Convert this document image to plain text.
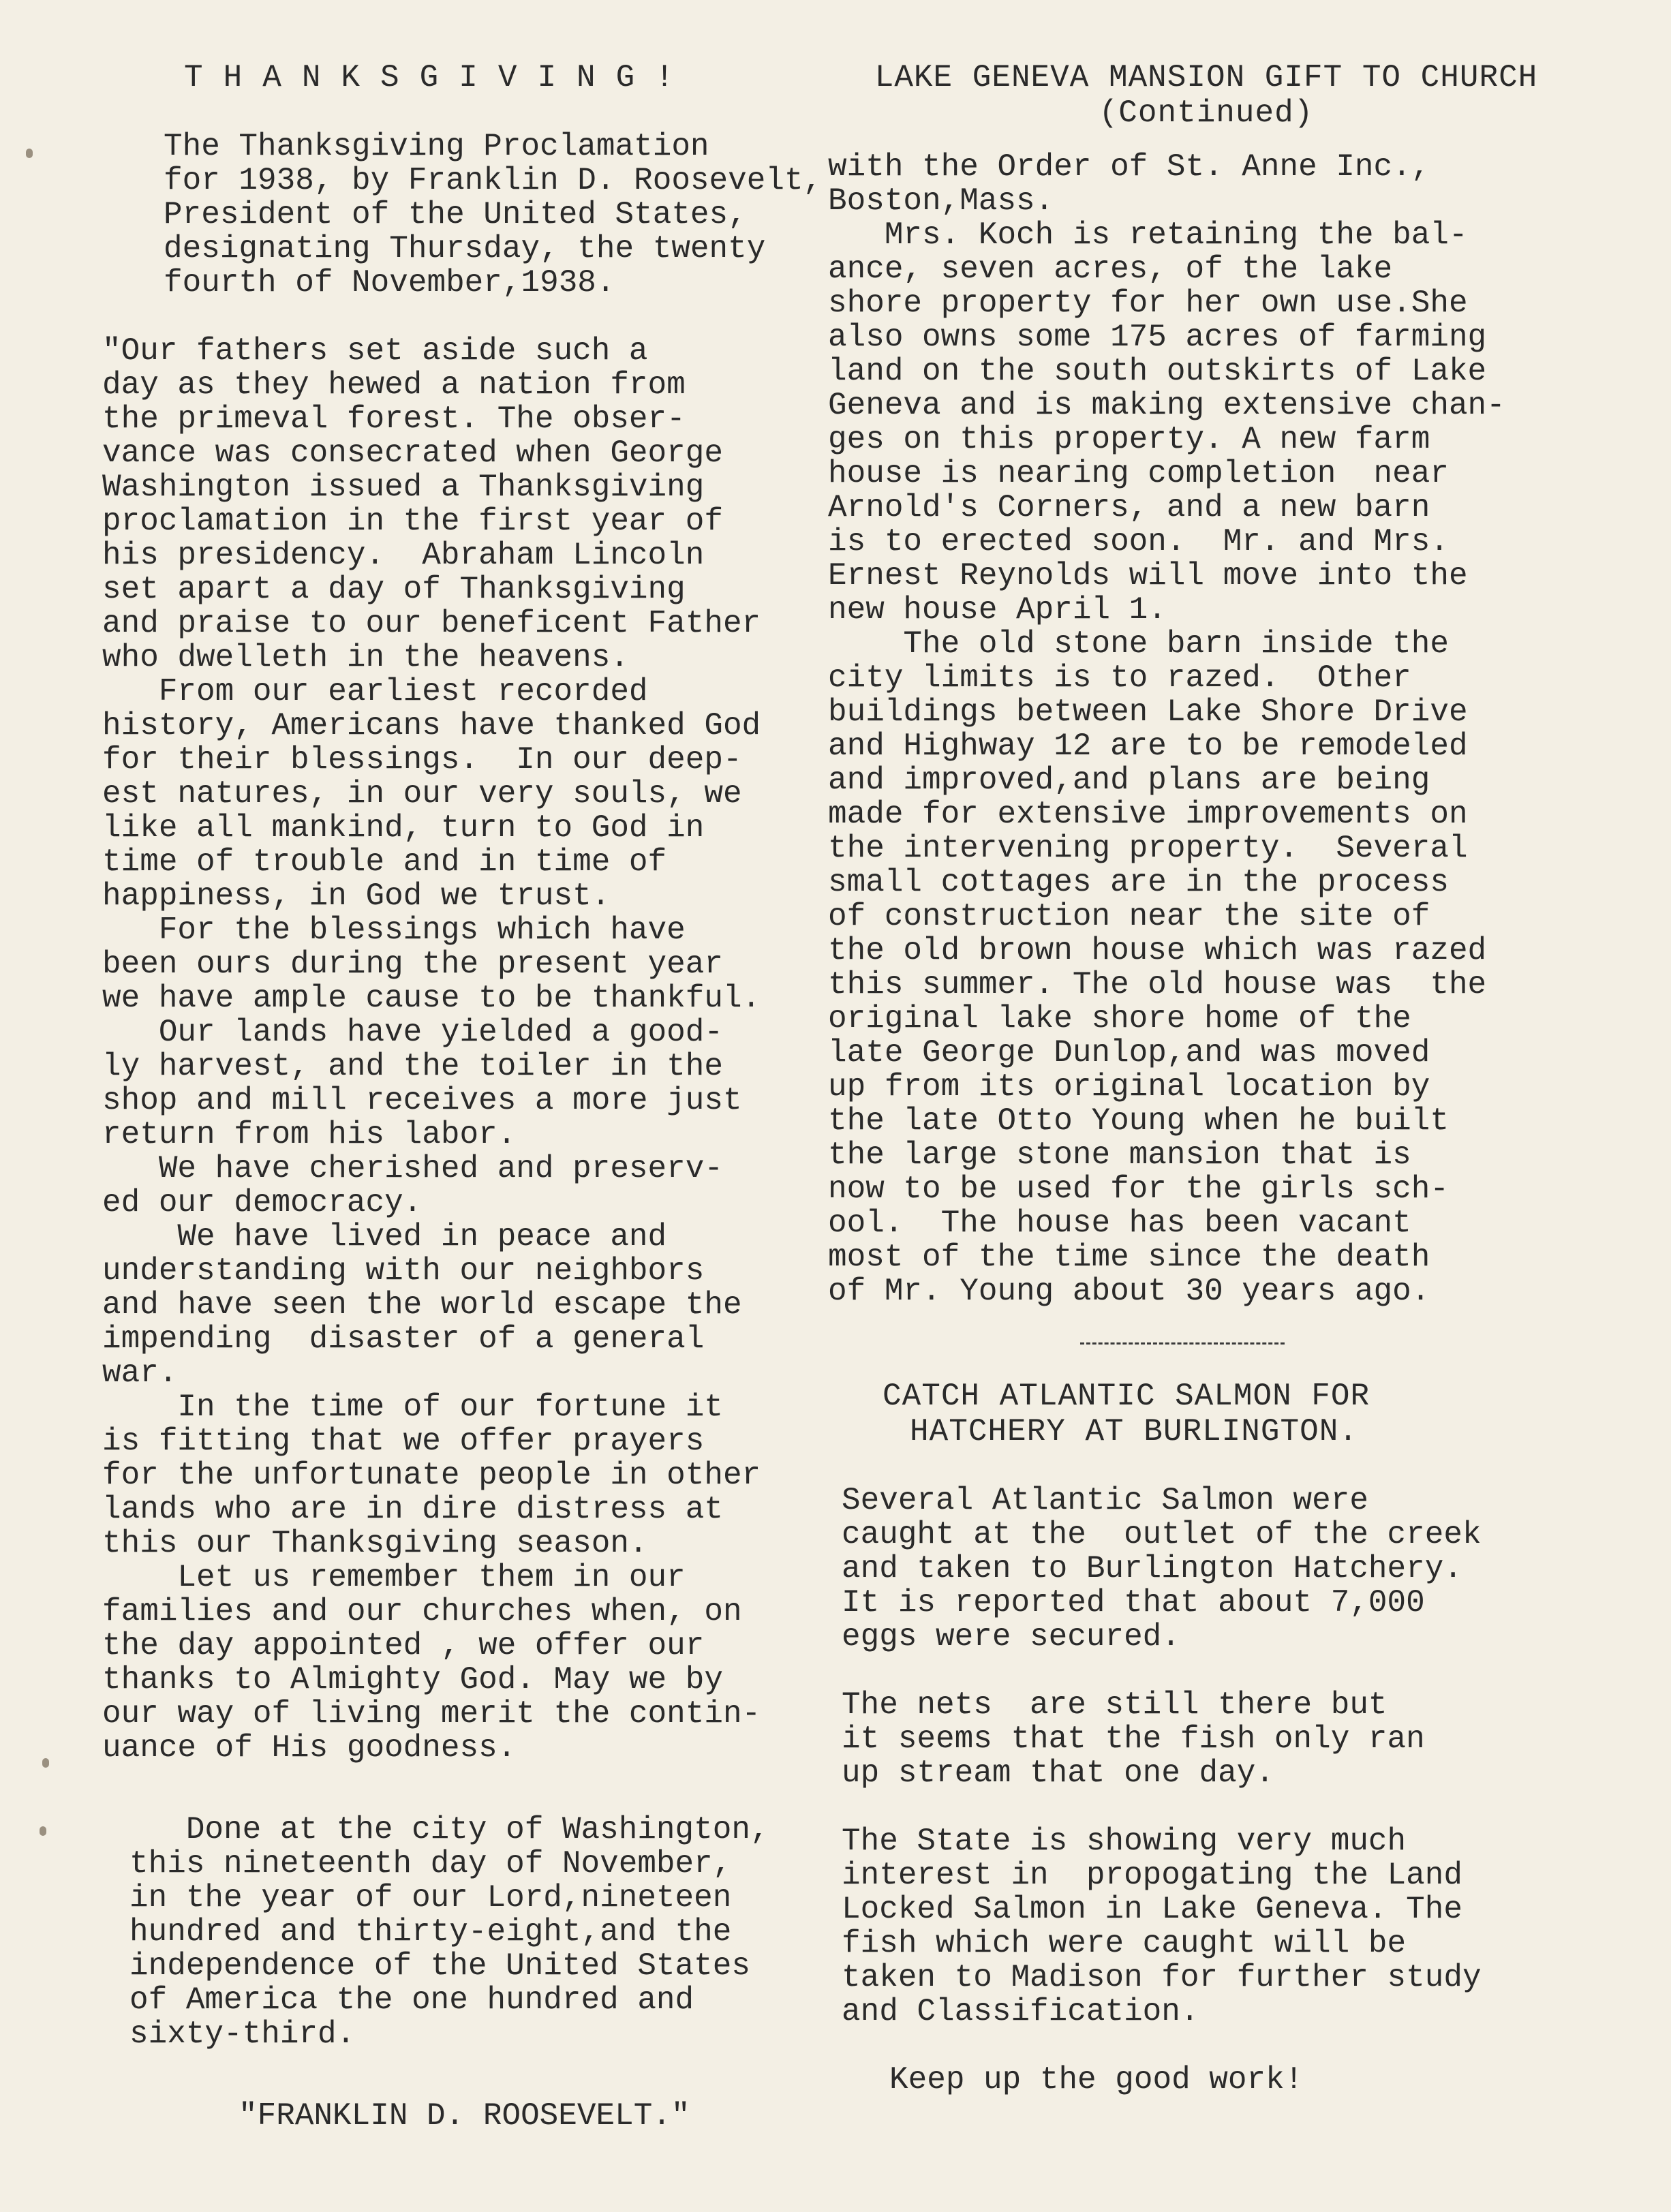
THANKSGIVING!

The Thanksgiving Proclamation

for 1938, by Franklin D. Roosevelt,

President of the United States,

designating Thursday, the twenty

fourth of November,1938.

"Our fathers set aside such a

day as they hewed a nation from

the primeval forest. The obser-

vance was consecrated when George

Washington issued a Thanksgiving

proclamation in the first year of

his presidency.  Abraham Lincoln

set apart a day of Thanksgiving

and praise to our beneficent Father

who dwelleth in the heavens.

From our earliest recorded

history, Americans have thanked God

for their blessings.  In our deep-

est natures, in our very souls, we

like all mankind, turn to God in

time of trouble and in time of

happiness, in God we trust.

For the blessings which have

been ours during the present year

we have ample cause to be thankful.

Our lands have yielded a good-

ly harvest, and the toiler in the

shop and mill receives a more just

return from his labor.

We have cherished and preserv-

ed our democracy.

We have lived in peace and

understanding with our neighbors

and have seen the world escape the

impending  disaster of a general

war.

In the time of our fortune it

is fitting that we offer prayers

for the unfortunate people in other

lands who are in dire distress at

this our Thanksgiving season.

Let us remember them in our

families and our churches when, on

the day appointed , we offer our

thanks to Almighty God. May we by

our way of living merit the contin-

uance of His goodness.

Done at the city of Washington,

this nineteenth day of November,

in the year of our Lord,nineteen

hundred and thirty-eight,and the

independence of the United States

of America the one hundred and

sixty-third.

"FRANKLIN D. ROOSEVELT."

LAKE GENEVA MANSION GIFT TO CHURCH

(Continued)

with the Order of St. Anne Inc.,

Boston,Mass.

Mrs. Koch is retaining the bal-

ance, seven acres, of the lake

shore property for her own use.She

also owns some 175 acres of farming

land on the south outskirts of Lake

Geneva and is making extensive chan-

ges on this property. A new farm

house is nearing completion  near

Arnold's Corners, and a new barn

is to erected soon.  Mr. and Mrs.

Ernest Reynolds will move into the

new house April 1.

The old stone barn inside the

city limits is to razed.  Other

buildings between Lake Shore Drive

and Highway 12 are to be remodeled

and improved,and plans are being

made for extensive improvements on

the intervening property.  Several

small cottages are in the process

of construction near the site of

the old brown house which was razed

this summer. The old house was  the

original lake shore home of the

late George Dunlop,and was moved

up from its original location by

the late Otto Young when he built

the large stone mansion that is

now to be used for the girls sch-

ool.  The house has been vacant

most of the time since the death

of Mr. Young about 30 years ago.

CATCH ATLANTIC SALMON FOR

HATCHERY AT BURLINGTON.

Several Atlantic Salmon were

caught at the  outlet of the creek

and taken to Burlington Hatchery.

It is reported that about 7,000

eggs were secured.

The nets  are still there but

it seems that the fish only ran

up stream that one day.

The State is showing very much

interest in  propogating the Land

Locked Salmon in Lake Geneva. The

fish which were caught will be

taken to Madison for further study

and Classification.

Keep up the good work!
